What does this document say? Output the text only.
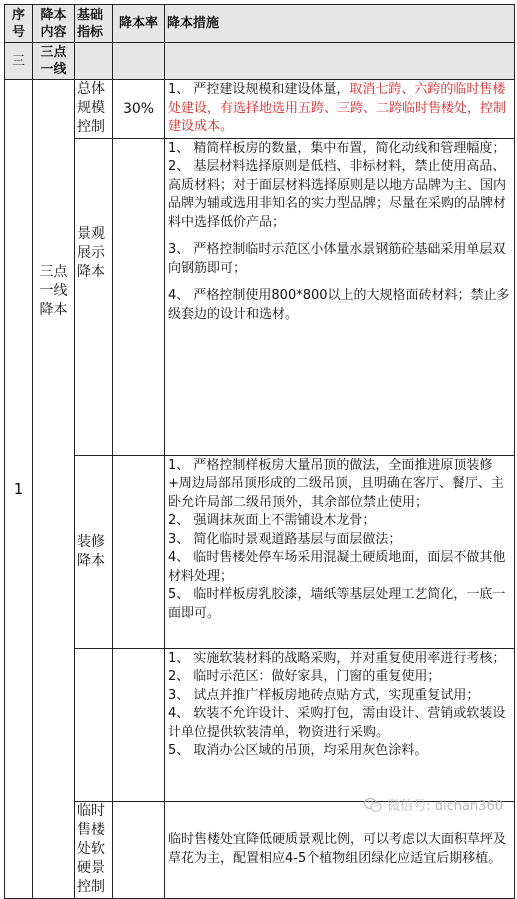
序号	降本内容	基础指标	降本率	降本措施
三	三点一线			
1	三点一线降本	总体规模控制	30%	1、 严控建设规模和建设体量，取消七跨、六跨的临时售楼处建设，有选择地选用五跨、三跨、二跨临时售楼处，控制建设成本。
		景观展示降本		1、 精简样板房的数量，集中布置，简化动线和管理幅度；
2、 基层材料选择原则是低档、非标材料，禁止使用高品、高质材料；对于面层材料选择原则是以地方品牌为主、国内品牌为辅或选用非知名的实力型品牌；尽量在采购的品牌材料中选择低价产品；
3、 严格控制临时示范区小体量水景钢筋砼基础采用单层双向钢筋即可；
4、 严格控制使用800*800以上的大规格面砖材料；禁止多级套边的设计和选材。

		装修降本		1、 严格控制样板房大量吊顶的做法，全面推进原顶装修+周边局部吊顶形成的二级吊顶，且明确在客厅、餐厅、主卧允许局部二级吊顶外，其余部位禁止使用；
2、 强调抹灰面上不需铺设木龙骨；
3、 简化临时景观道路基层与面层做法；
4、 临时售楼处停车场采用混凝土硬质地面，面层不做其他材料处理；
5、 临时样板房乳胶漆，墙纸等基层处理工艺简化，一底一面即可。

				1、 实施软装材料的战略采购，并对重复使用率进行考核；
2、 临时示范区：做好家具，门窗的重复使用；
3、 试点并推广样板房地砖点贴方式，实现重复试用；
4、 软装不允许设计、采购打包，需由设计、营销或软装设计单位提供软装清单，物资进行采购。
5、 取消办公区域的吊顶，均采用灰色涂料。

		临时售楼处软硬景控制		临时售楼处宜降低硬质景观比例，可以考虑以大面积草坪及草花为主，配置相应4-5个植物组团绿化应适宜后期移植。
微信号: dichan360
